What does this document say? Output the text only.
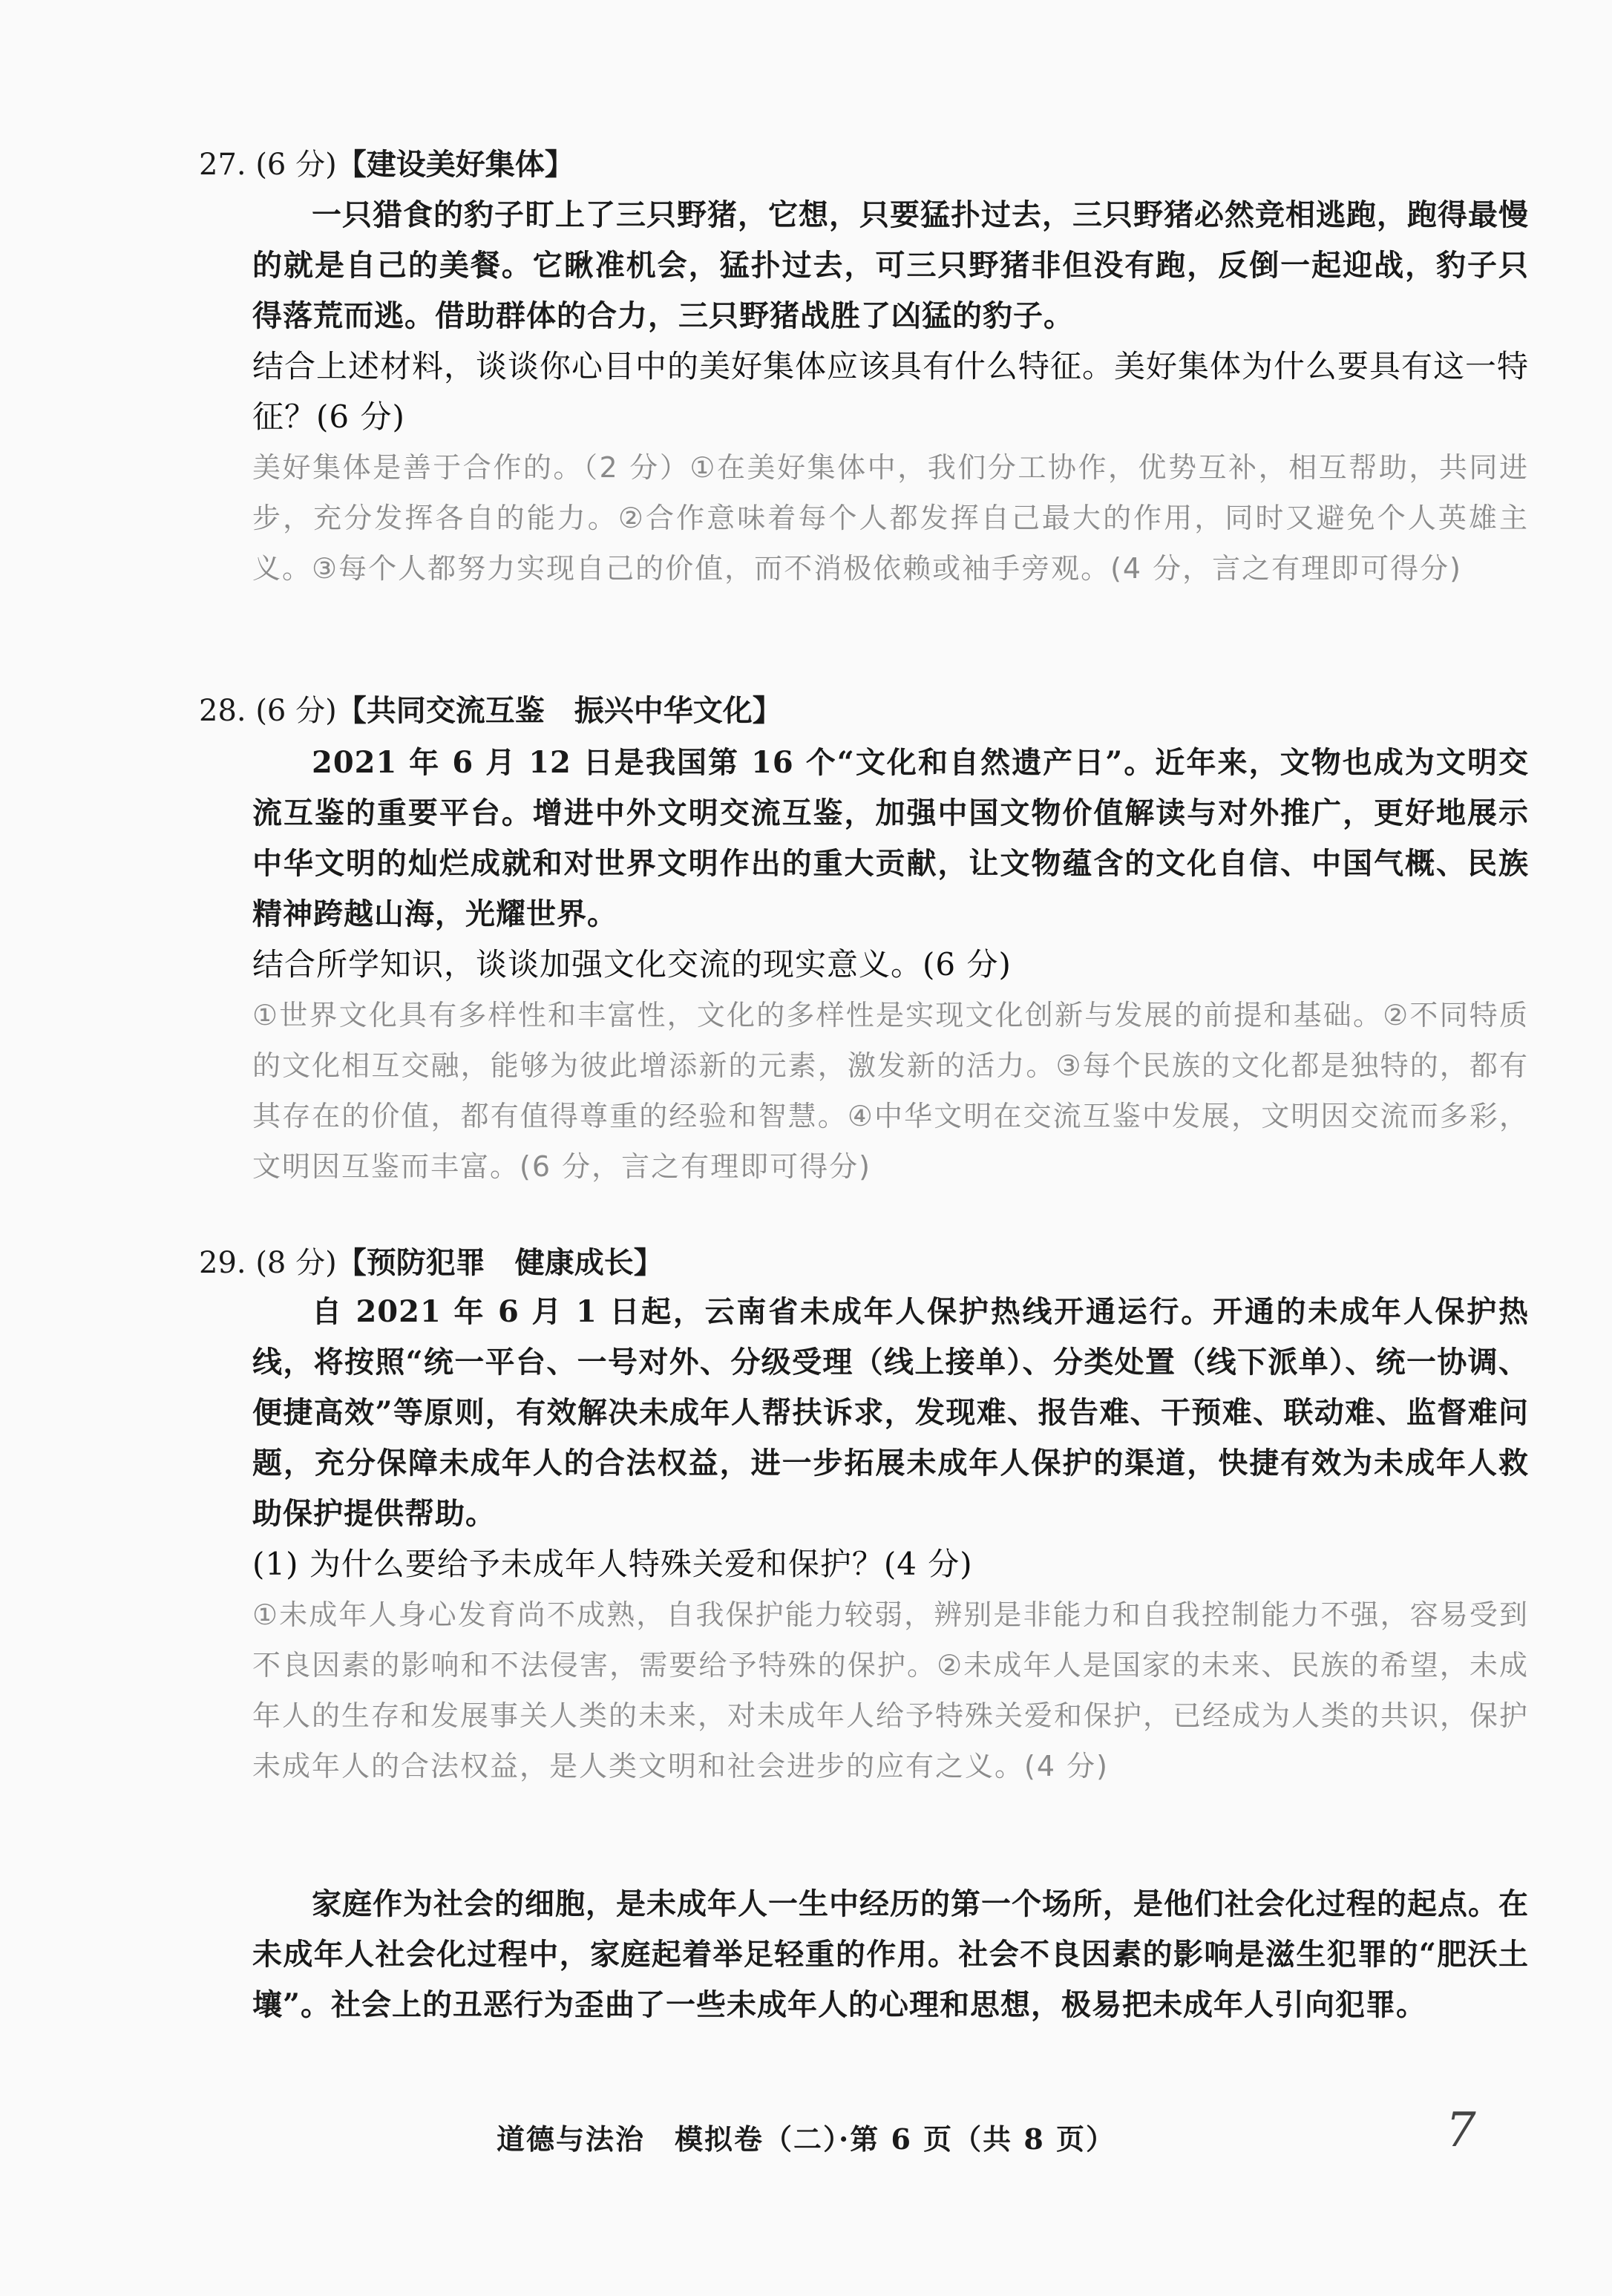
27. (6 分)【建设美好集体】

一只猎食的豹子盯上了三只野猪，它想，只要猛扑过去，三只野猪必然竞相逃跑，跑得最慢的就是自己的美餐。它瞅准机会，猛扑过去，可三只野猪非但没有跑，反倒一起迎战，豹子只得落荒而逃。借助群体的合力，三只野猪战胜了凶猛的豹子。

结合上述材料，谈谈你心目中的美好集体应该具有什么特征。美好集体为什么要具有这一特征？(6 分)

美好集体是善于合作的。（2 分）①在美好集体中，我们分工协作，优势互补，相互帮助，共同进步，充分发挥各自的能力。②合作意味着每个人都发挥自己最大的作用，同时又避免个人英雄主义。③每个人都努力实现自己的价值，而不消极依赖或袖手旁观。(4 分，言之有理即可得分)

28. (6 分)【共同交流互鉴　振兴中华文化】

2021 年 6 月 12 日是我国第 16 个“文化和自然遗产日”。近年来，文物也成为文明交流互鉴的重要平台。增进中外文明交流互鉴，加强中国文物价值解读与对外推广，更好地展示中华文明的灿烂成就和对世界文明作出的重大贡献，让文物蕴含的文化自信、中国气概、民族精神跨越山海，光耀世界。

结合所学知识，谈谈加强文化交流的现实意义。(6 分)

①世界文化具有多样性和丰富性，文化的多样性是实现文化创新与发展的前提和基础。②不同特质的文化相互交融，能够为彼此增添新的元素，激发新的活力。③每个民族的文化都是独特的，都有其存在的价值，都有值得尊重的经验和智慧。④中华文明在交流互鉴中发展，文明因交流而多彩，文明因互鉴而丰富。(6 分，言之有理即可得分)

29. (8 分)【预防犯罪　健康成长】

自 2021 年 6 月 1 日起，云南省未成年人保护热线开通运行。开通的未成年人保护热线，将按照“统一平台、一号对外、分级受理（线上接单）、分类处置（线下派单）、统一协调、便捷高效”等原则，有效解决未成年人帮扶诉求，发现难、报告难、干预难、联动难、监督难问题，充分保障未成年人的合法权益，进一步拓展未成年人保护的渠道，快捷有效为未成年人救助保护提供帮助。

(1) 为什么要给予未成年人特殊关爱和保护？(4 分)

①未成年人身心发育尚不成熟，自我保护能力较弱，辨别是非能力和自我控制能力不强，容易受到不良因素的影响和不法侵害，需要给予特殊的保护。②未成年人是国家的未来、民族的希望，未成年人的生存和发展事关人类的未来，对未成年人给予特殊关爱和保护，已经成为人类的共识，保护未成年人的合法权益，是人类文明和社会进步的应有之义。(4 分)

家庭作为社会的细胞，是未成年人一生中经历的第一个场所，是他们社会化过程的起点。在未成年人社会化过程中，家庭起着举足轻重的作用。社会不良因素的影响是滋生犯罪的“肥沃土壤”。社会上的丑恶行为歪曲了一些未成年人的心理和思想，极易把未成年人引向犯罪。

道德与法治　模拟卷（二）·第 6 页（共 8 页）	7
